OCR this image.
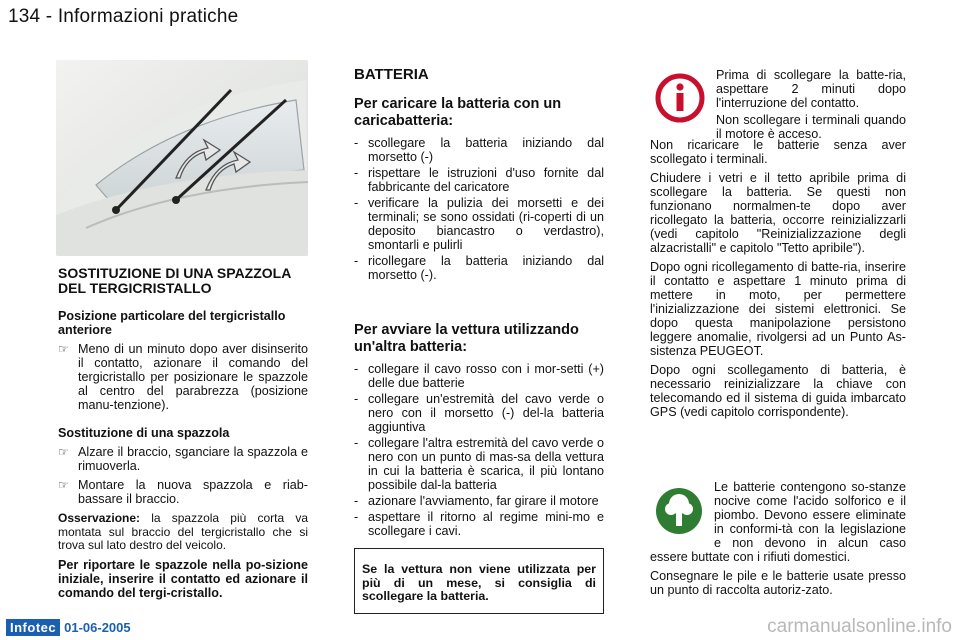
134 - Informazioni pratiche
SOSTITUZIONE DI UNA SPAZZOLA DEL TERGICRISTALLO
Posizione particolare del tergicristallo anteriore
☞ Meno di un minuto dopo aver disinserito il contatto, azionare il comando del tergicristallo per posizionare le spazzole al centro del parabrezza (posizione manu-tenzione).
Sostituzione di una spazzola
☞ Alzare il braccio, sganciare la spazzola e rimuoverla.
☞ Montare la nuova spazzola e riab-bassare il braccio.

Osservazione: la spazzola più corta va montata sul braccio del tergicristallo che si trova sul lato destro del veicolo.

Per riportare le spazzole nella po-sizione iniziale, inserire il contatto ed azionare il comando del tergi-cristallo.

BATTERIA
Per caricare la batteria con un caricabatteria:
- scollegare la batteria iniziando dal morsetto (-)
- rispettare le istruzioni d'uso fornite dal fabbricante del caricatore
- verificare la pulizia dei morsetti e dei terminali; se sono ossidati (ri-coperti di un deposito biancastro o verdastro), smontarli e pulirli
- ricollegare la batteria iniziando dal morsetto (-).
Per avviare la vettura utilizzando un'altra batteria:
- collegare il cavo rosso con i mor-setti (+) delle due batterie
- collegare un'estremità del cavo verde o nero con il morsetto (-) del-la batteria aggiuntiva
- collegare l'altra estremità del cavo verde o nero con un punto di mas-sa della vettura in cui la batteria è scarica, il più lontano possibile dal-la batteria
- azionare l'avviamento, far girare il motore
- aspettare il ritorno al regime mini-mo e scollegare i cavi.

Se la vettura non viene utilizzata per più di un mese, si consiglia di scollegare la batteria.

Prima di scollegare la batte-ria, aspettare 2 minuti dopo l'interruzione del contatto.

Non scollegare i terminali quando il motore è acceso.

Non ricaricare le batterie senza aver scollegato i terminali.

Chiudere i vetri e il tetto apribile prima di scollegare la batteria. Se questi non funzionano normalmen-te dopo aver ricollegato la batteria, occorre reinizializzarli (vedi capitolo "Reinizializzazione degli alzacristalli" e capitolo "Tetto apribile").

Dopo ogni ricollegamento di batte-ria, inserire il contatto e aspettare 1 minuto prima di mettere in moto, per permettere l'inizializzazione dei sistemi elettronici. Se dopo questa manipolazione persistono leggere anomalie, rivolgersi ad un Punto As-sistenza PEUGEOT.

Dopo ogni scollegamento di batteria, è necessario reinizializzare la chiave con telecomando ed il sistema di guida imbarcato GPS (vedi capitolo corrispondente).

Le batterie contengono so-stanze nocive come l'acido solforico e il piombo. Devono essere eliminate in conformi-tà con la legislazione e non devono in alcun caso essere buttate con i rifiuti domestici.

Consegnare le pile e le batterie usate presso un punto di raccolta autoriz-zato.

Infotec 01-06-2005	carmanualsonline.info
